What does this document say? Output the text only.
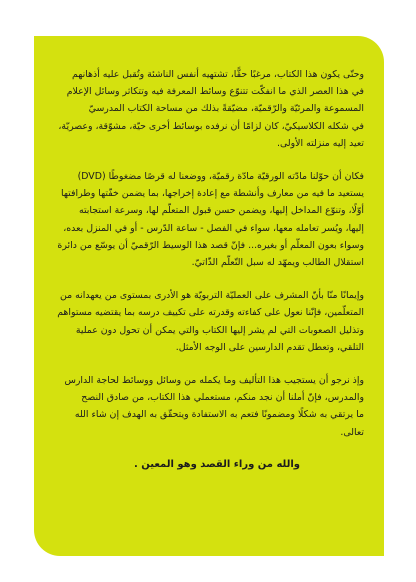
وحتّى يكون هذا الكتاب، مرغبًا حقًّا، تشتهيه أنفس الناشئة وتُقبل عليه أذهانهم
في هذا العصر الذي ما انفكّت تتنوّع وسائط المعرفة فيه وتتكاثر وسائل الإعلام
المسموعة والمرئيّة والرّقميّة، مضيّقةً بذلك من مساحة الكتاب المدرسيّ
في شكله الكلاسيكيّ، كان لزامًا أن نرفده بوسائط أخرى حيّة، مشوّقة، وعصريّة،
تعيد إليه منزلته الأولى.

فكان أن حوّلنا مادّته الورقيّة مادّة رقميّة، ووضعنا له قرصًا مضغوطًا (DVD)
يستعيد ما فيه من معارف وأنشطة مع إعادة إخراجها، بما يضمن خفّتها وطرافتها
أوّلًا، وتنوّع المداخل إليها، ويضمن حسن قبول المتعلّم لها، وسرعة استجابته
إليها، ويُسر تعامله معها، سواء في الفصل - ساعة الدّرس - أو في المنزل بعده،
وسواء بعون المعلّم أو بغيره... فإنّ قصد هذا الوسيط الرّقميّ أن يوسّع من دائرة
استقلال الطالب ويمهّد له سبل التّعلّم الذّاتيّ.

وإيمانًا منّا بأنّ المشرف على العمليّة التربويّة هو الأدرى بمستوى من يعهدانه من
المتعلّمين، فإنّنا نعول على كفاءته وقدرته على تكييف درسه بما يقتضيه مستواهم
وتذليل الصعوبات التي لم يشر إليها الكتاب والتي يمكن أن تحول دون عملية
التلقي، وتعطل تقدم الدارسين على الوجه الأمثل.

وإذ نرجو أن يستجيب هذا التأليف وما يكمله من وسائل ووسائط لحاجة الدارس
والمدرس، فإنّ أملنا أن نجد منكم، مستعملي هذا الكتاب، من صادق النصح
ما يرتقي به شكلًا ومضمونًا فتعم به الاستفادة ويتحقّق به الهدف إن شاء الله
تعالى.

والله من وراء القصد وهو المعين .
